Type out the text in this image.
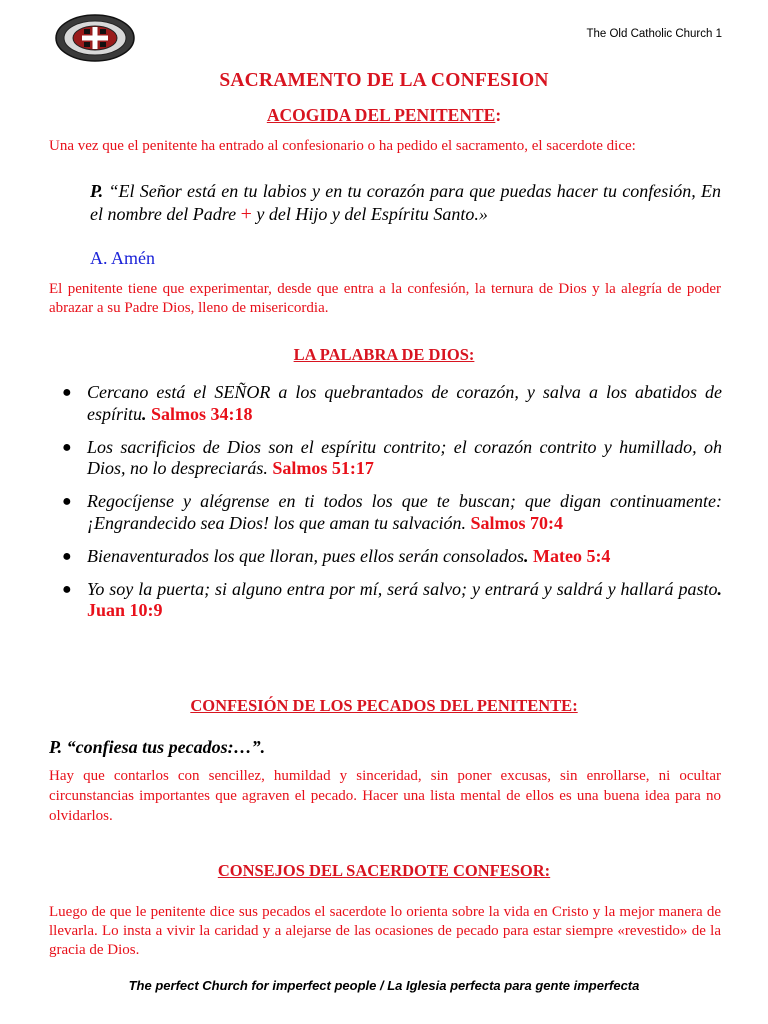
The Old Catholic Church 1
SACRAMENTO DE LA CONFESION
ACOGIDA DEL PENITENTE:
Una vez que el penitente ha entrado al confesionario o ha pedido el sacramento, el sacerdote dice:
P. “El Señor está en tu labios y en tu corazón para que puedas hacer tu confesión, En el nombre del Padre + y del Hijo y del Espíritu Santo.»
A. Amén
El penitente tiene que experimentar, desde que entra a la confesión, la ternura de Dios y la alegría de poder abrazar a su Padre Dios, lleno de misericordia.
LA PALABRA DE DIOS:
● Cercano está el SEÑOR a los quebrantados de corazón, y salva a los abatidos de espíritu. Salmos 34:18
● Los sacrificios de Dios son el espíritu contrito; el corazón contrito y humillado, oh Dios, no lo despreciarás. Salmos 51:17
● Regocíjense y alégrense en ti todos los que te buscan; que digan continuamente: ¡Engrandecido sea Dios! los que aman tu salvación. Salmos 70:4
● Bienaventurados los que lloran, pues ellos serán consolados. Mateo 5:4
● Yo soy la puerta; si alguno entra por mí, será salvo; y entrará y saldrá y hallará pasto. Juan 10:9
CONFESIÓN DE LOS PECADOS DEL PENITENTE:
P. “confiesa tus pecados:…”.
Hay que contarlos con sencillez, humildad y sinceridad, sin poner excusas, sin enrollarse, ni ocultar circunstancias importantes que agraven el pecado. Hacer una lista mental de ellos es una buena idea para no olvidarlos.
CONSEJOS DEL SACERDOTE CONFESOR:
Luego de que le penitente dice sus pecados el sacerdote lo orienta sobre la vida en Cristo y la mejor manera de llevarla. Lo insta a vivir la caridad y a alejarse de las ocasiones de pecado para estar siempre «revestido» de la gracia de Dios.
The perfect Church for imperfect people / La Iglesia perfecta para gente imperfecta
